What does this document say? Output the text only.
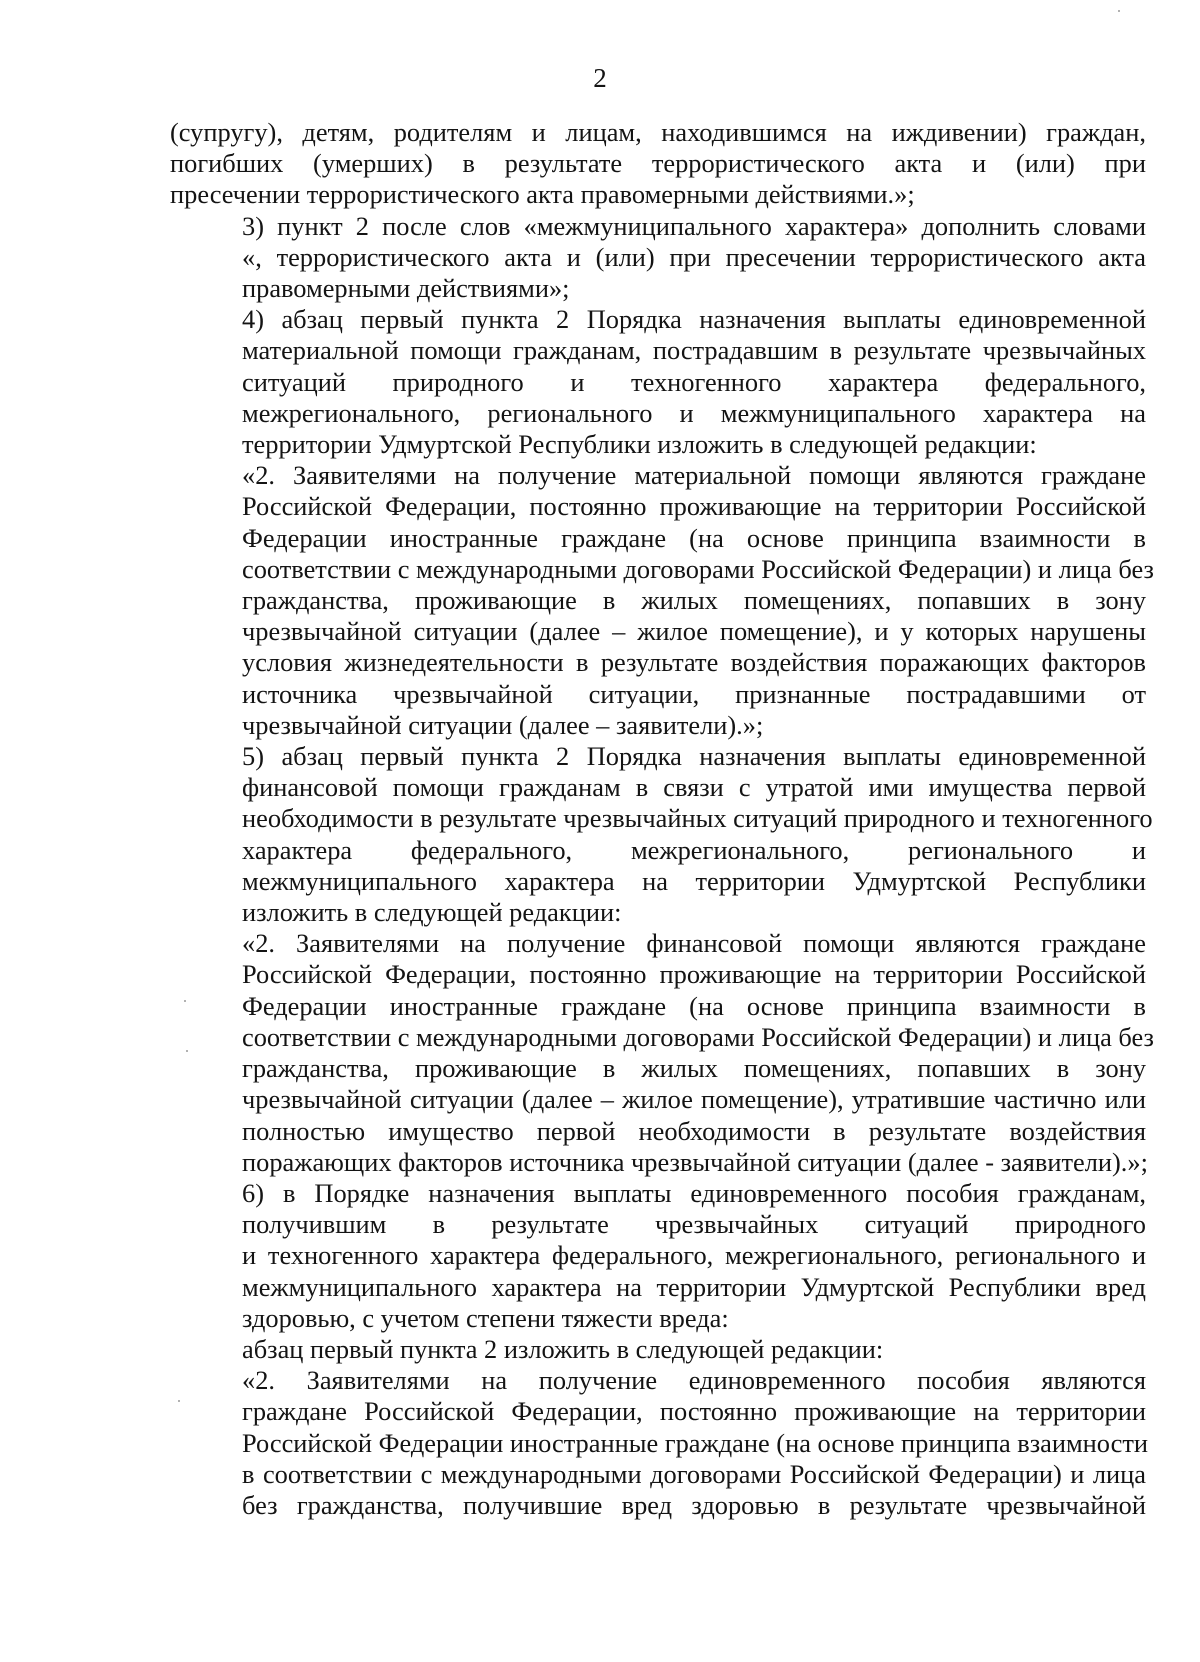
2

(супругу), детям, родителям и лицам, находившимся на иждивении) граждан,
погибших (умерших) в результате террористического акта и (или) при
пресечении террористического акта правомерными действиями.»;

3) пункт 2 после слов «межмуниципального характера» дополнить словами
«, террористического акта и (или) при пресечении террористического акта
правомерными действиями»;

4) абзац первый пункта 2 Порядка назначения выплаты единовременной
материальной помощи гражданам, пострадавшим в результате чрезвычайных
ситуаций природного и техногенного характера федерального,
межрегионального, регионального и межмуниципального характера на
территории Удмуртской Республики изложить в следующей редакции:

«2. Заявителями на получение материальной помощи являются граждане
Российской Федерации, постоянно проживающие на территории Российской
Федерации иностранные граждане (на основе принципа взаимности в
соответствии с международными договорами Российской Федерации) и лица без
гражданства, проживающие в жилых помещениях, попавших в зону
чрезвычайной ситуации (далее – жилое помещение), и у которых нарушены
условия жизнедеятельности в результате воздействия поражающих факторов
источника чрезвычайной ситуации, признанные пострадавшими от
чрезвычайной ситуации (далее – заявители).»;

5) абзац первый пункта 2 Порядка назначения выплаты единовременной
финансовой помощи гражданам в связи с утратой ими имущества первой
необходимости в результате чрезвычайных ситуаций природного и техногенного
характера федерального, межрегионального, регионального и
межмуниципального характера на территории Удмуртской Республики
изложить в следующей редакции:

«2. Заявителями на получение финансовой помощи являются граждане
Российской Федерации, постоянно проживающие на территории Российской
Федерации иностранные граждане (на основе принципа взаимности в
соответствии с международными договорами Российской Федерации) и лица без
гражданства, проживающие в жилых помещениях, попавших в зону
чрезвычайной ситуации (далее – жилое помещение), утратившие частично или
полностью имущество первой необходимости в результате воздействия
поражающих факторов источника чрезвычайной ситуации (далее - заявители).»;

6) в Порядке назначения выплаты единовременного пособия гражданам,
получившим в результате чрезвычайных ситуаций природного
и техногенного характера федерального, межрегионального, регионального и
межмуниципального характера на территории Удмуртской Республики вред
здоровью, с учетом степени тяжести вреда:

абзац первый пункта 2 изложить в следующей редакции:

«2. Заявителями на получение единовременного пособия являются
граждане Российской Федерации, постоянно проживающие на территории
Российской Федерации иностранные граждане (на основе принципа взаимности
в соответствии с международными договорами Российской Федерации) и лица
без гражданства, получившие вред здоровью в результате чрезвычайной
